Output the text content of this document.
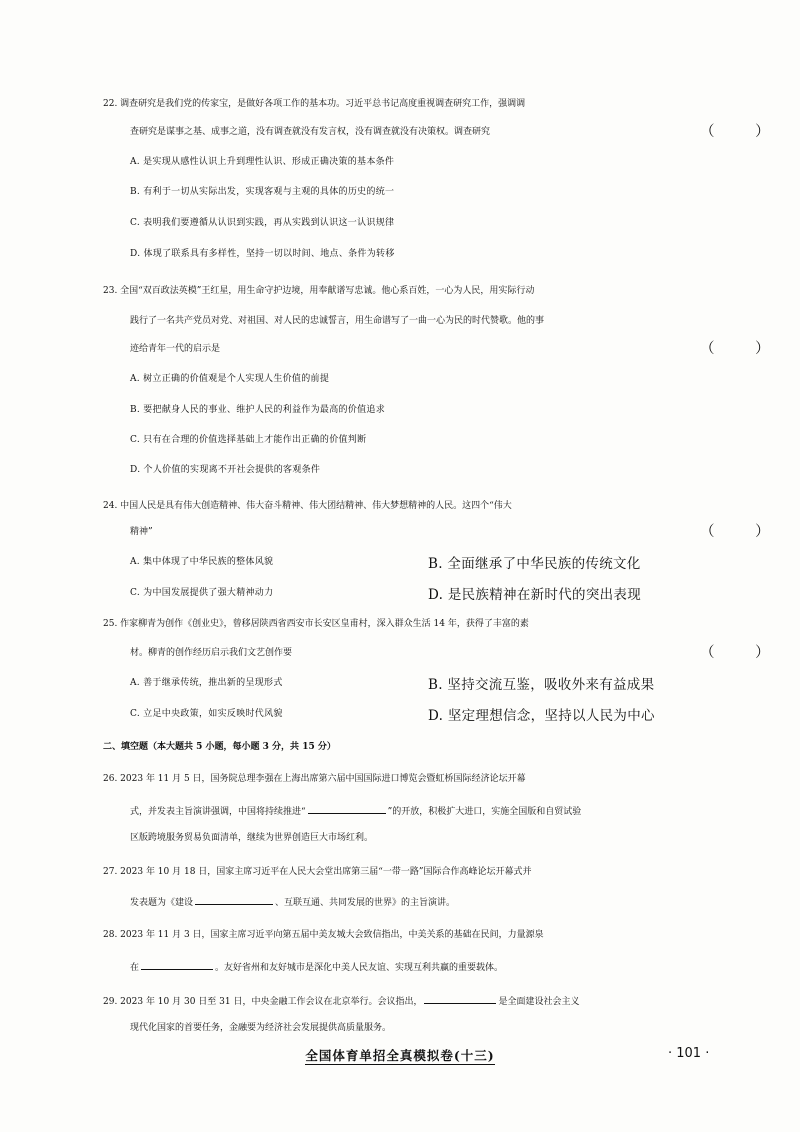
22. 调查研究是我们党的传家宝，是做好各项工作的基本功。习近平总书记高度重视调查研究工作，强调调
查研究是谋事之基、成事之道，没有调查就没有发言权，没有调查就没有决策权。调查研究	（ ）
A. 是实现从感性认识上升到理性认识、形成正确决策的基本条件
B. 有利于一切从实际出发，实现客观与主观的具体的历史的统一
C. 表明我们要遵循从认识到实践，再从实践到认识这一认识规律
D. 体现了联系具有多样性，坚持一切以时间、地点、条件为转移
23. 全国“双百政法英模”王红星，用生命守护边境，用奉献谱写忠诚。他心系百姓，一心为人民，用实际行动
践行了一名共产党员对党、对祖国、对人民的忠诚誓言，用生命谱写了一曲一心为民的时代赞歌。他的事
迹给青年一代的启示是	（ ）
A. 树立正确的价值观是个人实现人生价值的前提
B. 要把献身人民的事业、维护人民的利益作为最高的价值追求
C. 只有在合理的价值选择基础上才能作出正确的价值判断
D. 个人价值的实现离不开社会提供的客观条件
24. 中国人民是具有伟大创造精神、伟大奋斗精神、伟大团结精神、伟大梦想精神的人民。这四个“伟大
精神”	（ ）
A. 集中体现了中华民族的整体风貌	B. 全面继承了中华民族的传统文化
C. 为中国发展提供了强大精神动力	D. 是民族精神在新时代的突出表现
25. 作家柳青为创作《创业史》，曾移居陕西省西安市长安区皇甫村，深入群众生活 14 年，获得了丰富的素
材。柳青的创作经历启示我们文艺创作要	（ ）
A. 善于继承传统，推出新的呈现形式	B. 坚持交流互鉴，吸收外来有益成果
C. 立足中央政策，如实反映时代风貌	D. 坚定理想信念，坚持以人民为中心
二、填空题（本大题共 5 小题，每小题 3 分，共 15 分）
26. 2023 年 11 月 5 日，国务院总理李强在上海出席第六届中国国际进口博览会暨虹桥国际经济论坛开幕
式，并发表主旨演讲强调，中国将持续推进“	”的开放，积极扩大进口，实施全国版和自贸试验
区版跨境服务贸易负面清单，继续为世界创造巨大市场红利。
27. 2023 年 10 月 18 日，国家主席习近平在人民大会堂出席第三届“一带一路”国际合作高峰论坛开幕式并
发表题为《建设	、互联互通、共同发展的世界》的主旨演讲。
28. 2023 年 11 月 3 日，国家主席习近平向第五届中美友城大会致信指出，中美关系的基础在民间，力量源泉
在	。友好省州和友好城市是深化中美人民友谊、实现互利共赢的重要载体。
29. 2023 年 10 月 30 日至 31 日，中央金融工作会议在北京举行。会议指出，	是全面建设社会主义
现代化国家的首要任务，金融要为经济社会发展提供高质量服务。
全国体育单招全真模拟卷(十三)	· 101 ·
